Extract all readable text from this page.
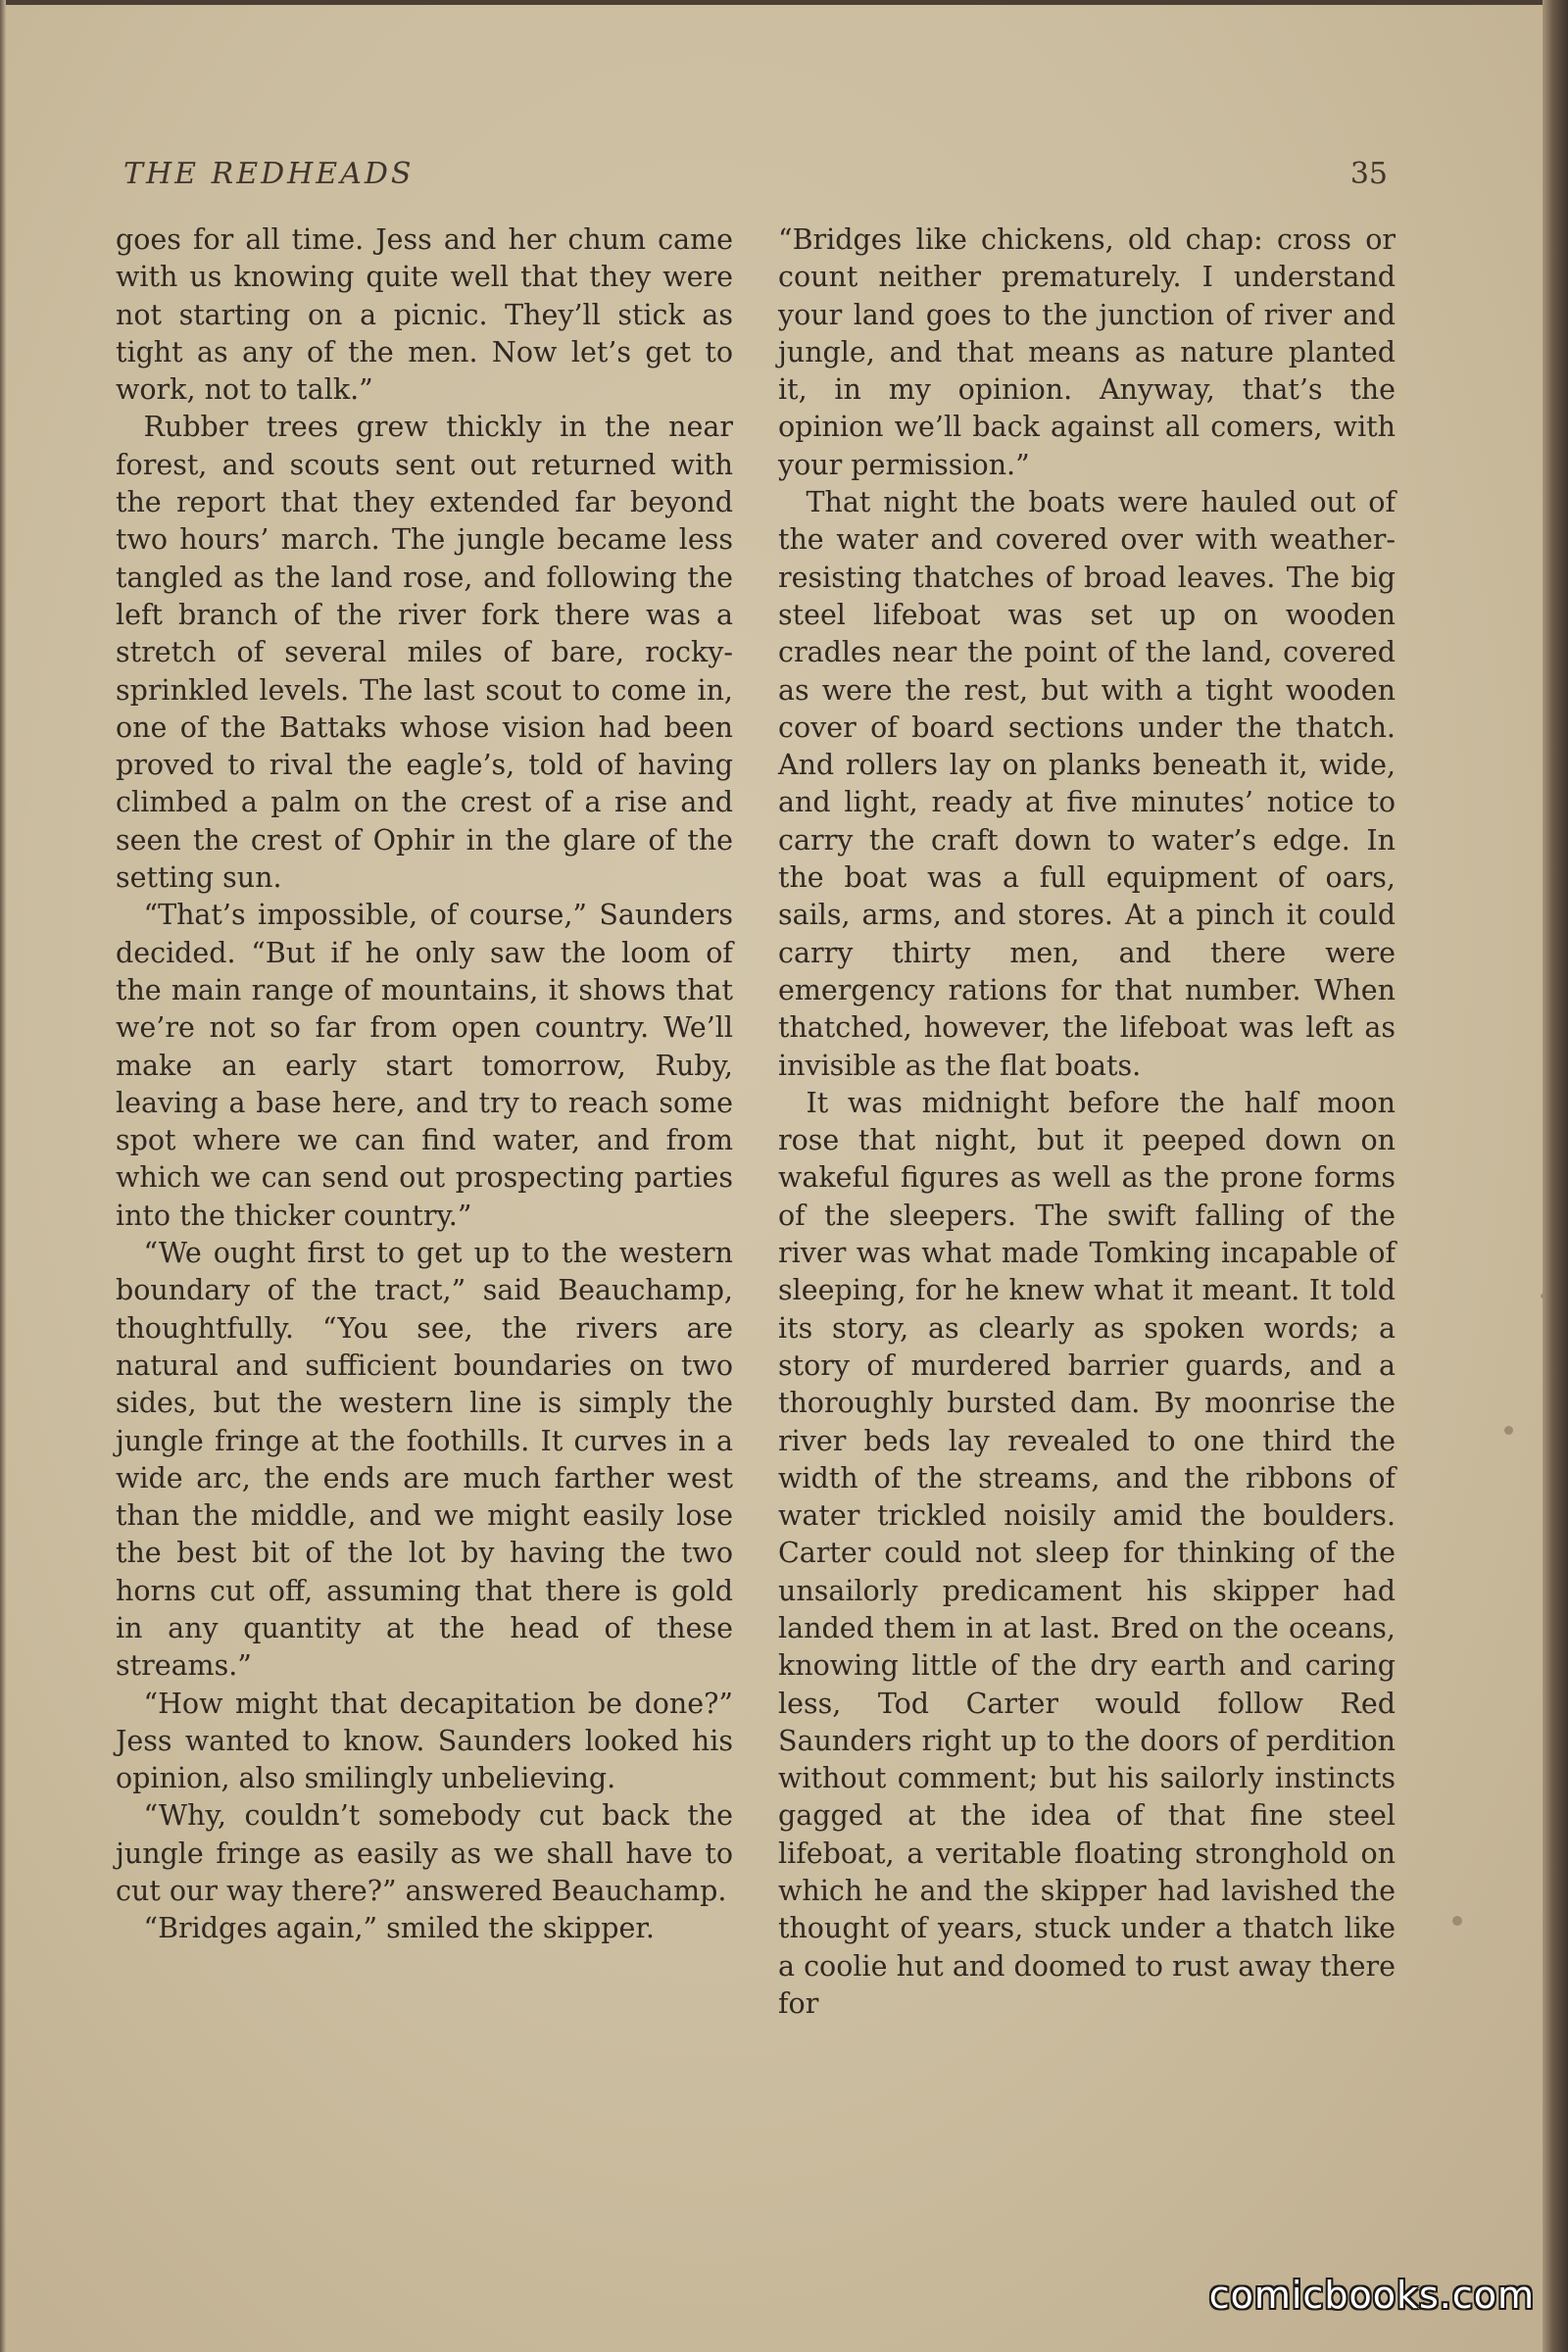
THE REDHEADS	35

goes for all time. Jess and her chum came with us knowing quite well that they were not starting on a picnic. They’ll stick as tight as any of the men. Now let’s get to work, not to talk.”

Rubber trees grew thickly in the near forest, and scouts sent out returned with the report that they extended far beyond two hours’ march. The jungle became less tangled as the land rose, and following the left branch of the river fork there was a stretch of several miles of bare, rocky-sprinkled levels. The last scout to come in, one of the Battaks whose vision had been proved to rival the eagle’s, told of having climbed a palm on the crest of a rise and seen the crest of Ophir in the glare of the setting sun.

“That’s impossible, of course,” Saunders decided. “But if he only saw the loom of the main range of mountains, it shows that we’re not so far from open country. We’ll make an early start tomorrow, Ruby, leaving a base here, and try to reach some spot where we can find water, and from which we can send out prospecting parties into the thicker country.”

“We ought first to get up to the western boundary of the tract,” said Beauchamp, thoughtfully. “You see, the rivers are natural and sufficient boundaries on two sides, but the western line is simply the jungle fringe at the foothills. It curves in a wide arc, the ends are much farther west than the middle, and we might easily lose the best bit of the lot by having the two horns cut off, assuming that there is gold in any quantity at the head of these streams.”

“How might that decapitation be done?” Jess wanted to know. Saunders looked his opinion, also smilingly unbelieving.

“Why, couldn’t somebody cut back the jungle fringe as easily as we shall have to cut our way there?” answered Beauchamp.

“Bridges again,” smiled the skipper.

“Bridges like chickens, old chap: cross or count neither prematurely. I understand your land goes to the junction of river and jungle, and that means as nature planted it, in my opinion. Anyway, that’s the opinion we’ll back against all comers, with your permission.”

That night the boats were hauled out of the water and covered over with weather-resisting thatches of broad leaves. The big steel lifeboat was set up on wooden cradles near the point of the land, covered as were the rest, but with a tight wooden cover of board sections under the thatch. And rollers lay on planks beneath it, wide, and light, ready at five minutes’ notice to carry the craft down to water’s edge. In the boat was a full equipment of oars, sails, arms, and stores. At a pinch it could carry thirty men, and there were emergency rations for that number. When thatched, however, the lifeboat was left as invisible as the flat boats.

It was midnight before the half moon rose that night, but it peeped down on wakeful figures as well as the prone forms of the sleepers. The swift falling of the river was what made Tomking incapable of sleeping, for he knew what it meant. It told its story, as clearly as spoken words; a story of murdered barrier guards, and a thoroughly bursted dam. By moonrise the river beds lay revealed to one third the width of the streams, and the ribbons of water trickled noisily amid the boulders. Carter could not sleep for thinking of the unsailorly predicament his skipper had landed them in at last. Bred on the oceans, knowing little of the dry earth and caring less, Tod Carter would follow Red Saunders right up to the doors of perdition without comment; but his sailorly instincts gagged at the idea of that fine steel lifeboat, a veritable floating stronghold on which he and the skipper had lavished the thought of years, stuck under a thatch like a coolie hut and doomed to rust away there for

comicbooks.com
